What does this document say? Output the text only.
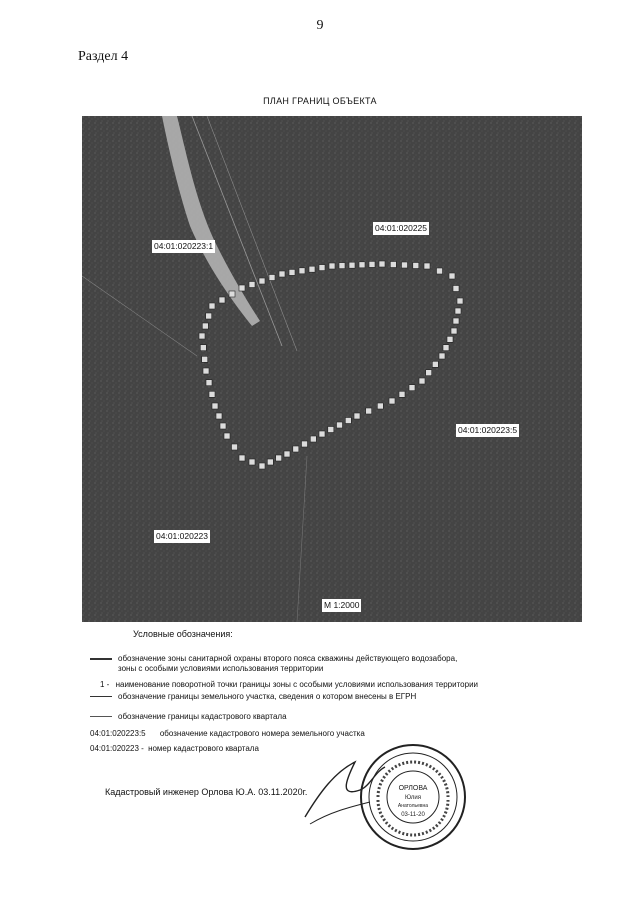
9
Раздел 4
ПЛАН ГРАНИЦ ОБЪЕКТА
04:01:020223:1
04:01:020225
04:01:020223:5
04:01:020223
М 1:2000
Условные обозначения:
обозначение зоны санитарной охраны второго пояса скважины действующего водозабора,
зоны с особыми условиями использования территории
1 - наименование поворотной точки границы зоны с особыми условиями использования территории
обозначение границы земельного участка, сведения о котором внесены в ЕГРН
обозначение границы кадастрового квартала
04:01:020223:5 обозначение кадастрового номера земельного участка
04:01:020223 - номер кадастрового квартала
Кадастровый инженер Орлова Ю.А. 03.11.2020г.	ОРЛОВА
Юлия
Анатольевна
03-11-20
